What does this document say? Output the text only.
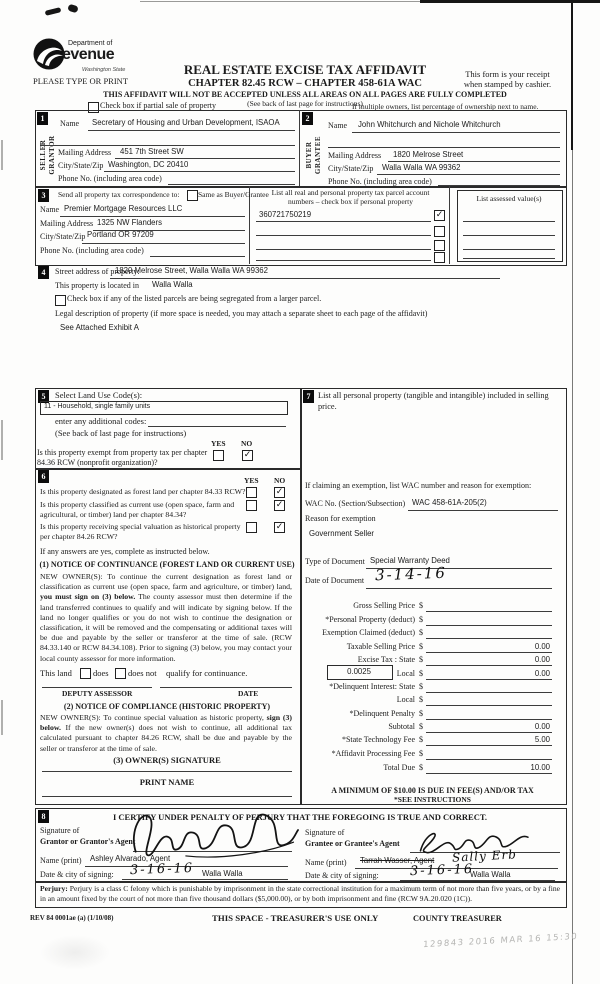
Department of
evenue
Washington State
PLEASE TYPE OR PRINT
REAL ESTATE EXCISE TAX AFFIDAVIT
CHAPTER 82.45 RCW – CHAPTER 458-61A WAC
This form is your receipt
when stamped by cashier.
THIS AFFIDAVIT WILL NOT BE ACCEPTED UNLESS ALL AREAS ON ALL PAGES ARE FULLY COMPLETED
(See back of last page for instructions)
Check box if partial sale of property	If multiple owners, list percentage of ownership next to name.
1
SELLER GRANTOR
Name Secretary of Housing and Urban Development, ISAOA
Mailing Address 451 7th Street SW
City/State/Zip Washington, DC 20410
Phone No. (including area code)
2
BUYER GRANTEE
Name John Whitchurch and Nichole Whitchurch
Mailing Address 1820 Melrose Street
City/State/Zip Walla Walla WA 99362
Phone No. (including area code)
3	Send all property tax correspondence to: Same as Buyer/Grantee
Name Premier Mortgage Resources LLC
Mailing Address 1325 NW Flanders
City/State/Zip Portland OR 97209
Phone No. (including area code)
List all real and personal property tax parcel account
numbers – check box if personal property
360721750219	✓
List assessed value(s)
4	Street address of property:
1820 Melrose Street, Walla Walla WA 99362
This property is located in Walla Walla
Check box if any of the listed parcels are being segregated from a larger parcel.
Legal description of property (if more space is needed, you may attach a separate sheet to each page of the affidavit)
See Attached Exhibit A
5	Select Land Use Code(s):
11 - Household, single family units
enter any additional codes:
(See back of last page for instructions)
YES NO
Is this property exempt from property tax per chapter
84.36 RCW (nonprofit organization)?
✓
6	YES NO
Is this property designated as forest land per chapter 84.33 RCW?	✓
Is this property classified as current use (open space, farm and
agricultural, or timber) land per chapter 84.34?
✓
Is this property receiving special valuation as historical property
per chapter 84.26 RCW?
✓
If any answers are yes, complete as instructed below.
(1) NOTICE OF CONTINUANCE (FOREST LAND OR CURRENT USE)
NEW OWNER(S): To continue the current designation as forest land or classification as current use (open space, farm and agriculture, or timber) land, you must sign on (3) below. The county assessor must then determine if the land transferred continues to qualify and will indicate by signing below. If the land no longer qualifies or you do not wish to continue the designation or classification, it will be removed and the compensating or additional taxes will be due and payable by the seller or transferor at the time of sale. (RCW 84.33.140 or RCW 84.34.108). Prior to signing (3) below, you may contact your local county assessor for more information.
This land does does not qualify for continuance.
DEPUTY ASSESSOR	DATE
(2) NOTICE OF COMPLIANCE (HISTORIC PROPERTY)
NEW OWNER(S): To continue special valuation as historic property, sign (3) below. If the new owner(s) does not wish to continue, all additional tax calculated pursuant to chapter 84.26 RCW, shall be due and payable by the seller or transferor at the time of sale.
(3) OWNER(S) SIGNATURE
PRINT NAME
7 List all personal property (tangible and intangible) included in selling price.
If claiming an exemption, list WAC number and reason for exemption:
WAC No. (Section/Subsection) WAC 458-61A-205(2)
Reason for exemption
Government Seller
Type of Document Special Warranty Deed
Date of Document 3-14-16
Gross Selling Price $
*Personal Property (deduct) $
Exemption Claimed (deduct) $
Taxable Selling Price $	0.00
Excise Tax : State $	0.00
0.0025	Local $	0.00
*Delinquent Interest: State $
Local $
*Delinquent Penalty $
Subtotal $	0.00
*State Technology Fee $	5.00
*Affidavit Processing Fee $
Total Due $	10.00
A MINIMUM OF $10.00 IS DUE IN FEE(S) AND/OR TAX
*SEE INSTRUCTIONS
8	I CERTIFY UNDER PENALTY OF PERJURY THAT THE FOREGOING IS TRUE AND CORRECT.
Signature of
Grantor or Grantor's Agent
Name (print) Ashley Alvarado, Agent
Date & city of signing: 3-16-16 Walla Walla
Signature of
Grantee or Grantee's Agent
Name (print) Tarrah Wasser, Agent Sally Erb
Date & city of signing: 3-16-16
Walla Walla
Perjury: Perjury is a class C felony which is punishable by imprisonment in the state correctional institution for a maximum term of not more than five years, or by a fine in an amount fixed by the court of not more than five thousand dollars ($5,000.00), or by both imprisonment and fine (RCW 9A.20.020 (1C)).
REV 84 0001ae (a) (1/10/08)	THIS SPACE - TREASURER'S USE ONLY	COUNTY TREASURER
129843 2016 MAR 16 15:30
